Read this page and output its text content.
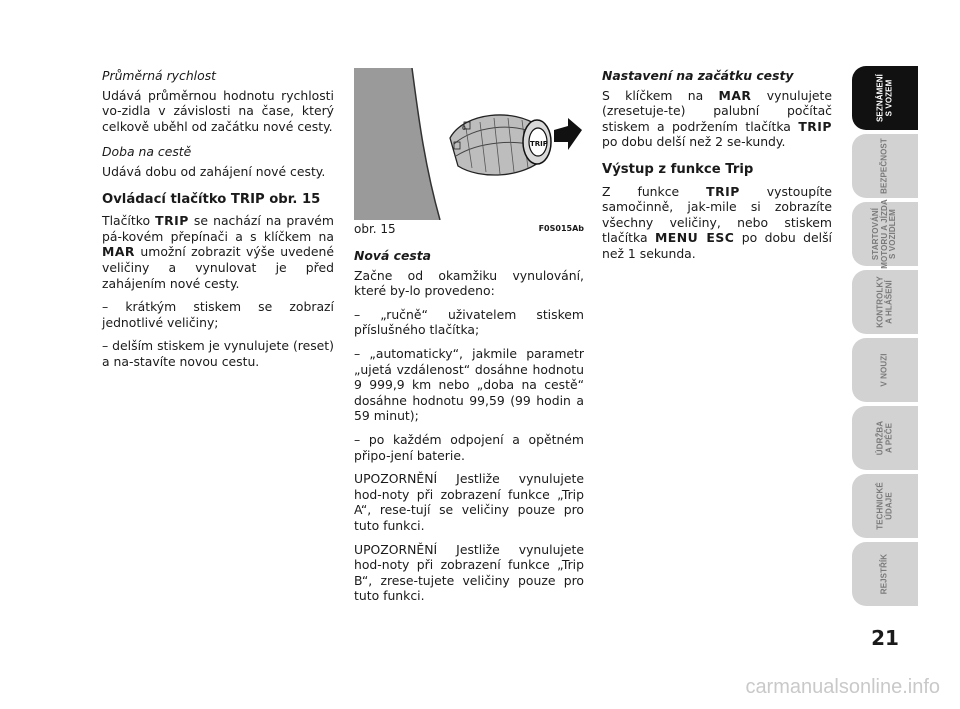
Průměrná rychlost

Udává průměrnou hodnotu rychlosti vo-zidla v závislosti na čase, který celkově uběhl od začátku nové cesty.

Doba na cestě

Udává dobu od zahájení nové cesty.

Ovládací tlačítko TRIP obr. 15

Tlačítko TRIP se nachází na pravém pá-kovém přepínači a s klíčkem na MAR umožní zobrazit výše uvedené veličiny a vynulovat je před zahájením nové cesty.

– krátkým stiskem se zobrazí jednotlivé veličiny;

– delším stiskem je vynulujete (reset) a na-stavíte novou cestu.

0
TRIP
obr. 15	F0S015Ab

Nová cesta

Začne od okamžiku vynulování, které by-lo provedeno:

– „ručně“ uživatelem stiskem příslušného tlačítka;

– „automaticky“, jakmile parametr „ujetá vzdálenost“ dosáhne hodnotu 9 999,9 km nebo „doba na cestě“ dosáhne hodnotu 99,59 (99 hodin a 59 minut);

– po každém odpojení a opětném připo-jení baterie.

UPOZORNĚNÍ Jestliže vynulujete hod-noty při zobrazení funkce „Trip A“, rese-tují se veličiny pouze pro tuto funkci.

UPOZORNĚNÍ Jestliže vynulujete hod-noty při zobrazení funkce „Trip B“, zrese-tujete veličiny pouze pro tuto funkci.

Nastavení na začátku cesty

S klíčkem na MAR vynulujete (zresetuje-te) palubní počítač stiskem a podržením tlačítka TRIP po dobu delší než 2 se-kundy.

Výstup z funkce Trip

Z funkce TRIP vystoupíte samočinně, jak-mile si zobrazíte všechny veličiny, nebo stiskem tlačítka MENU ESC po dobu delší než 1 sekunda.

SEZNÁMENÍ
S VOZEM
BEZPEČNOST
STARTOVÁNÍ
MOTORU A JÍZDA
S VOZIDLEM
KONTROLKY
A HLÁŠENÍ
V NOUZI
ÚDRŽBA
A PÉČE
TECHNICKÉ
ÚDAJE
REJSTŘÍK
21
carmanualsonline.info
